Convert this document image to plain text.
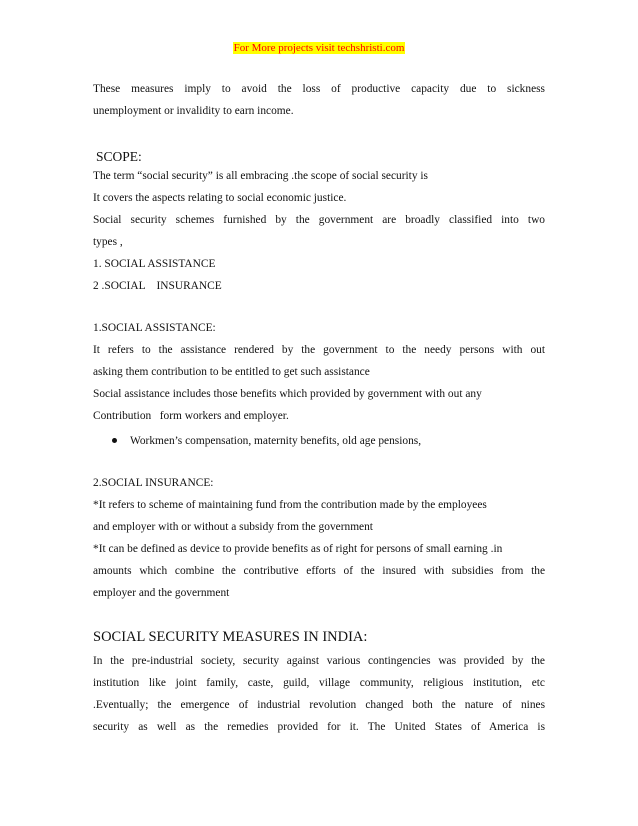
For More projects visit techshristi.com

These measures imply to avoid the loss of productive capacity due to sickness

unemployment or invalidity to earn income.

SCOPE:

The term “social security” is all embracing .the scope of social security is

It covers the aspects relating to social economic justice.

Social security schemes furnished by the government are broadly classified into two

types ,

1. SOCIAL ASSISTANCE

2 .SOCIAL    INSURANCE

1.SOCIAL ASSISTANCE:

It refers to the assistance rendered by the government to the needy persons with out

asking them contribution to be entitled to get such assistance

Social assistance includes those benefits which provided by government with out any

Contribution   form workers and employer.

Workmen’s compensation, maternity benefits, old age pensions,

2.SOCIAL INSURANCE:

*It refers to scheme of maintaining fund from the contribution made by the employees

and employer with or without a subsidy from the government

*It can be defined as device to provide benefits as of right for persons of small earning .in

amounts which combine the contributive efforts of the insured with subsidies from the

employer and the government

SOCIAL SECURITY MEASURES IN INDIA:

In the pre-industrial society, security against various contingencies was provided by the

institution like joint family, caste, guild, village community, religious institution, etc

.Eventually; the emergence of industrial revolution changed both the nature of nines

security as well as the remedies provided for it. The United States of America is
